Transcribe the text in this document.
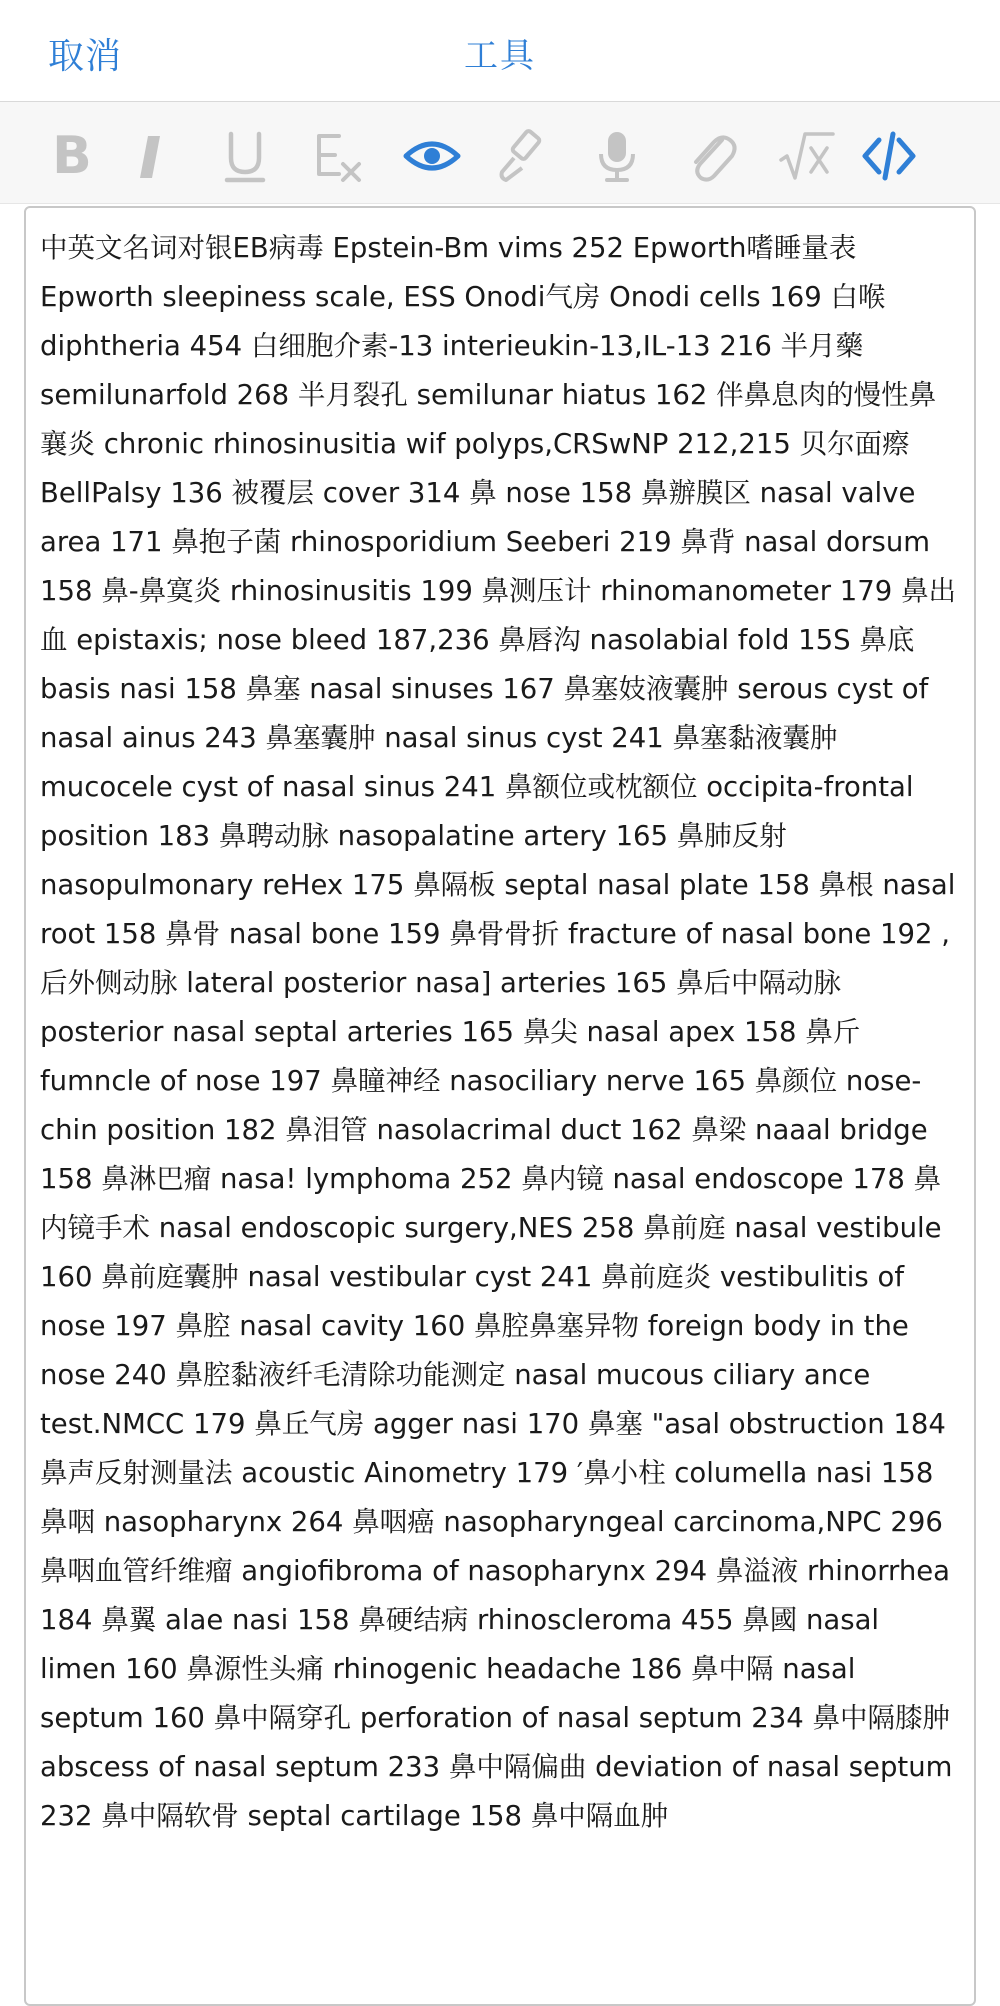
取消	工具
B
中英文名词对银EB病毒 Epstein-Bm vims 252 Epworth嗜睡量表 Epworth sleepiness scale, ESS Onodi气房 Onodi cells 169 白喉 diphtheria 454 白细胞介素-13 interieukin-13,IL-13 216 半月藥 semilunarfold 268 半月裂孔 semilunar hiatus 162 伴鼻息肉的慢性鼻襄炎 chronic rhinosinusitia wif polyps,CRSwNP 212,215 贝尔面瘵 BellPalsy 136 被覆层 cover 314 鼻 nose 158 鼻辦膜区 nasal valve area 171 鼻抱子菌 rhinosporidium Seeberi 219 鼻背 nasal dorsum 158 鼻-鼻寞炎 rhinosinusitis 199 鼻测压计 rhinomanometer 179 鼻出血 epistaxis; nose bleed 187,236 鼻唇沟 nasolabial fold 15S 鼻底 basis nasi 158 鼻塞 nasal sinuses 167 鼻塞妓液囊肿 serous cyst of nasal ainus 243 鼻塞囊肿 nasal sinus cyst 241 鼻塞黏液囊肿 mucocele cyst of nasal sinus 241 鼻额位或枕额位 occipita-frontal position 183 鼻聘动脉 nasopalatine artery 165 鼻肺反射 nasopulmonary reHex 175 鼻隔板 septal nasal plate 158 鼻根 nasal root 158 鼻骨 nasal bone 159 鼻骨骨折 fracture of nasal bone 192 ,后外侧动脉 lateral posterior nasa] arteries 165 鼻后中隔动脉 posterior nasal septal arteries 165 鼻尖 nasal apex 158 鼻斤 fumncle of nose 197 鼻瞳神经 nasociliary nerve 165 鼻颜位 nose-chin position 182 鼻泪管 nasolacrimal duct 162 鼻梁 naaal bridge 158 鼻淋巴瘤 nasa! lymphoma 252 鼻内镜 nasal endoscope 178 鼻内镜手术 nasal endoscopic surgery,NES 258 鼻前庭 nasal vestibule 160 鼻前庭囊肿 nasal vestibular cyst 241 鼻前庭炎 vestibulitis of nose 197 鼻腔 nasal cavity 160 鼻腔鼻塞异物 foreign body in the nose 240 鼻腔黏液纤毛清除功能测定 nasal mucous ciliary ance test.NMCC 179 鼻丘气房 agger nasi 170 鼻塞 "asal obstruction 184 鼻声反射测量法 acoustic Ainometry 179 ′鼻小柱 columella nasi 158 鼻咽 nasopharynx 264 鼻咽癌 nasopharyngeal carcinoma,NPC 296 鼻咽血管纤维瘤 angiofibroma of nasopharynx 294 鼻溢液 rhinorrhea 184 鼻翼 alae nasi 158 鼻硬结病 rhinoscleroma 455 鼻國 nasal limen 160 鼻源性头痛 rhinogenic headache 186 鼻中隔 nasal septum 160 鼻中隔穿孔 perforation of nasal septum 234 鼻中隔膝肿 abscess of nasal septum 233 鼻中隔偏曲 deviation of nasal septum 232 鼻中隔软骨 septal cartilage 158 鼻中隔血肿
